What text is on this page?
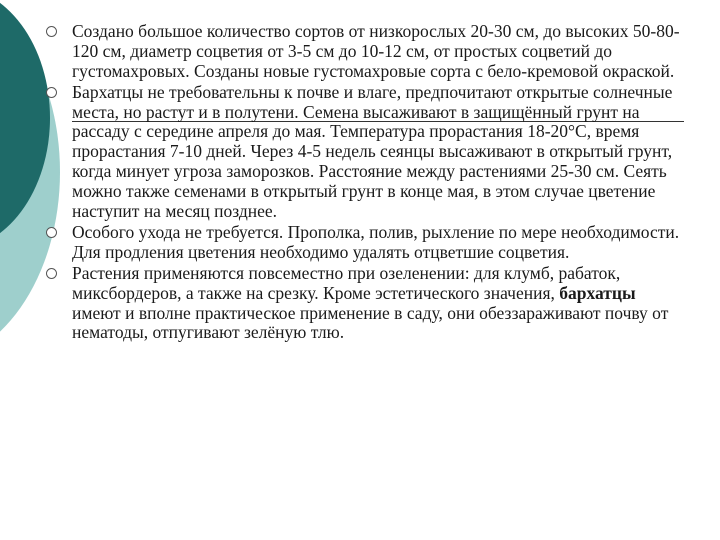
Создано большое количество сортов от низкорослых 20-30 см, до высоких 50-80-120 см, диаметр соцветия от 3-5 см до 10-12 см, от простых соцветий до густомахровых. Созданы новые густомахровые сорта с бело-кремовой окраской.
Бархатцы не требовательны к почве и влаге, предпочитают открытые солнечные места, но растут и в полутени. Семена высаживают в защищённый грунт на рассаду с середине апреля до мая. Температура прорастания 18-20°С, время прорастания 7-10 дней. Через 4-5 недель сеянцы высаживают в открытый грунт, когда минует угроза заморозков. Расстояние между растениями 25-30 см. Сеять можно также семенами в открытый грунт в конце мая, в этом случае цветение наступит на месяц позднее.
Особого ухода не требуется. Прополка, полив, рыхление по мере необходимости. Для продления цветения необходимо удалять отцветшие соцветия.
Растения применяются повсеместно при озеленении: для клумб, рабаток, миксбордеров, а также на срезку. Кроме эстетического значения, бархатцы имеют и вполне практическое применение в саду, они обеззараживают почву от нематоды, отпугивают зелёную тлю.
